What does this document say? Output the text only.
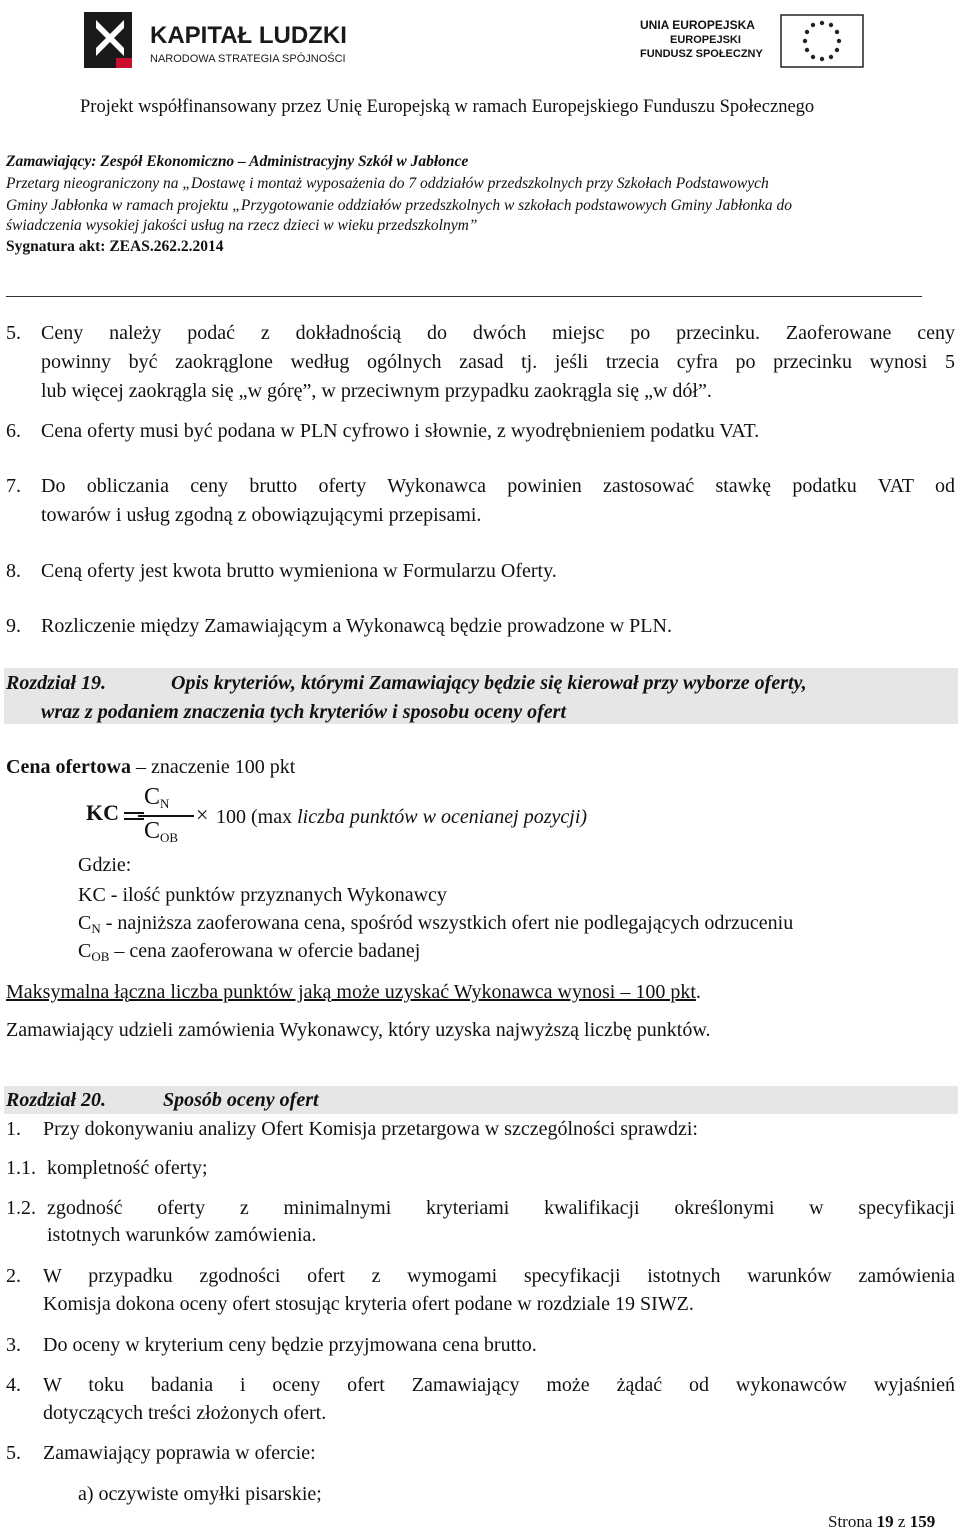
KAPITAŁ LUDZKI
NARODOWA STRATEGIA SPÓJNOŚCI
UNIA EUROPEJSKA
EUROPEJSKI
FUNDUSZ SPOŁECZNY
Projekt współfinansowany przez Unię Europejską w ramach Europejskiego Funduszu Społecznego
Zamawiający: Zespół Ekonomiczno – Administracyjny Szkół w Jabłonce
Przetarg nieograniczony na „Dostawę i montaż wyposażenia do 7 oddziałów przedszkolnych przy Szkołach Podstawowych
Gminy Jabłonka w ramach projektu „Przygotowanie oddziałów przedszkolnych w szkołach podstawowych Gminy Jabłonka do
świadczenia wysokiej jakości usług na rzecz dzieci w wieku przedszkolnym”
Sygnatura akt: ZEAS.262.2.2014
5. Ceny należy podać z dokładnością do dwóch miejsc po przecinku. Zaoferowane ceny
powinny być zaokrąglone według ogólnych zasad tj. jeśli trzecia cyfra po przecinku wynosi 5
lub więcej zaokrągla się „w górę”, w przeciwnym przypadku zaokrągla się „w dół”.
6. Cena oferty musi być podana w PLN cyfrowo i słownie, z wyodrębnieniem podatku VAT.
7. Do obliczania ceny brutto oferty Wykonawca powinien zastosować stawkę podatku VAT od
towarów i usług zgodną z obowiązującymi przepisami.
8. Ceną oferty jest kwota brutto wymieniona w Formularzu Oferty.
9. Rozliczenie między Zamawiającym a Wykonawcą będzie prowadzone w PLN.
Rozdział 19.	Opis kryteriów, którymi Zamawiający będzie się kierował przy wyborze oferty,
wraz z podaniem znaczenia tych kryteriów i sposobu oceny ofert
Cena ofertowa – znaczenie 100 pkt
KC
CN
COB
× 100 (max liczba punktów w ocenianej pozycji)
Gdzie:
KC - ilość punktów przyznanych Wykonawcy
$C_N$ - najniższa zaoferowana cena, spośród wszystkich ofert nie podlegających odrzuceniu
$C_{OB}$ – cena zaoferowana w ofercie badanej
Maksymalna łączna liczba punktów jaką może uzyskać Wykonawca wynosi – 100 pkt.
Zamawiający udzieli zamówienia Wykonawcy, który uzyska najwyższą liczbę punktów.
Rozdział 20.	Sposób oceny ofert
1. Przy dokonywaniu analizy Ofert Komisja przetargowa w szczególności sprawdzi:
1.1. kompletność oferty;
1.2. zgodność oferty z minimalnymi kryteriami kwalifikacji określonymi w specyfikacji
istotnych warunków zamówienia.
2. W przypadku zgodności ofert z wymogami specyfikacji istotnych warunków zamówienia
Komisja dokona oceny ofert stosując kryteria ofert podane w rozdziale 19 SIWZ.
3. Do oceny w kryterium ceny będzie przyjmowana cena brutto.
4. W toku badania i oceny ofert Zamawiający może żądać od wykonawców wyjaśnień
dotyczących treści złożonych ofert.
5. Zamawiający poprawia w ofercie:
a) oczywiste omyłki pisarskie;
Strona 19 z 159
